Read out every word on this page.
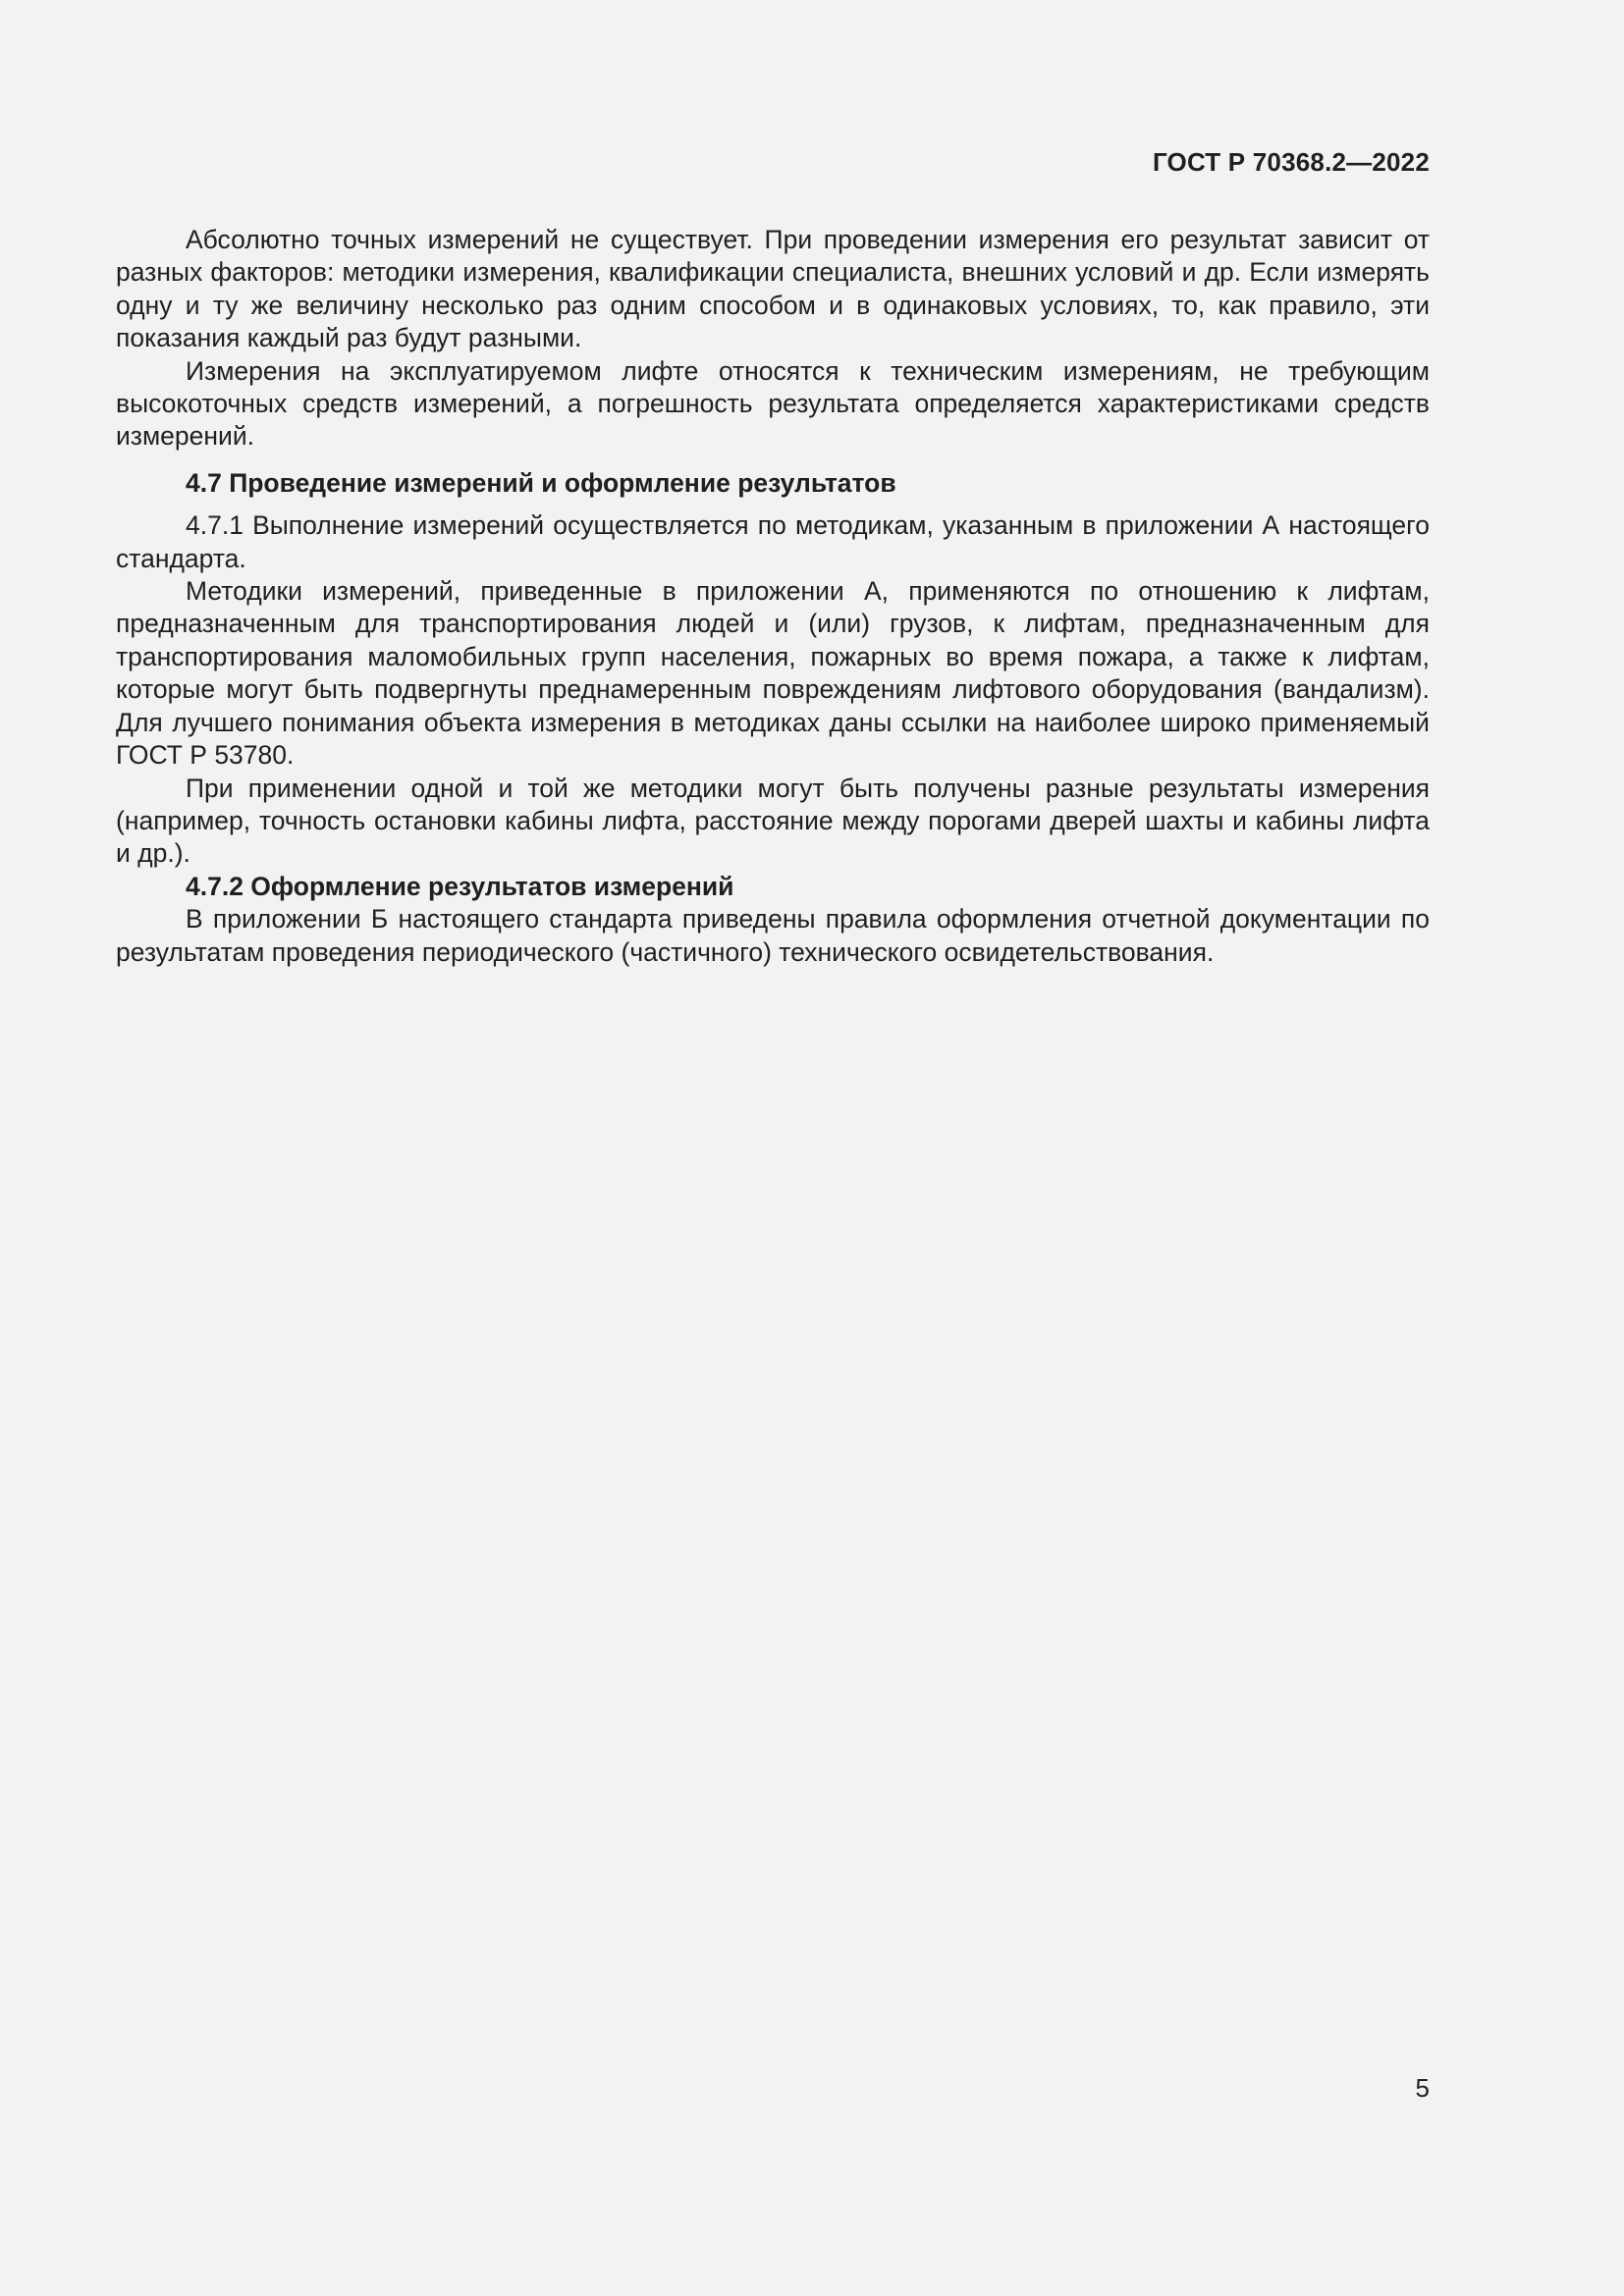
ГОСТ Р 70368.2—2022

Абсолютно точных измерений не существует. При проведении измерения его результат зависит от разных факторов: методики измерения, квалификации специалиста, внешних условий и др. Если измерять одну и ту же величину несколько раз одним способом и в одинаковых условиях, то, как правило, эти показания каждый раз будут разными.

Измерения на эксплуатируемом лифте относятся к техническим измерениям, не требующим высокоточных средств измерений, а погрешность результата определяется характеристиками средств измерений.

4.7 Проведение измерений и оформление результатов

4.7.1 Выполнение измерений осуществляется по методикам, указанным в приложении А настоящего стандарта.

Методики измерений, приведенные в приложении А, применяются по отношению к лифтам, предназначенным для транспортирования людей и (или) грузов, к лифтам, предназначенным для транспортирования маломобильных групп населения, пожарных во время пожара, а также к лифтам, которые могут быть подвергнуты преднамеренным повреждениям лифтового оборудования (вандализм). Для лучшего понимания объекта измерения в методиках даны ссылки на наиболее широко применяемый ГОСТ Р 53780.

При применении одной и той же методики могут быть получены разные результаты измерения (например, точность остановки кабины лифта, расстояние между порогами дверей шахты и кабины лифта и др.).

4.7.2 Оформление результатов измерений

В приложении Б настоящего стандарта приведены правила оформления отчетной документации по результатам проведения периодического (частичного) технического освидетельствования.

5
